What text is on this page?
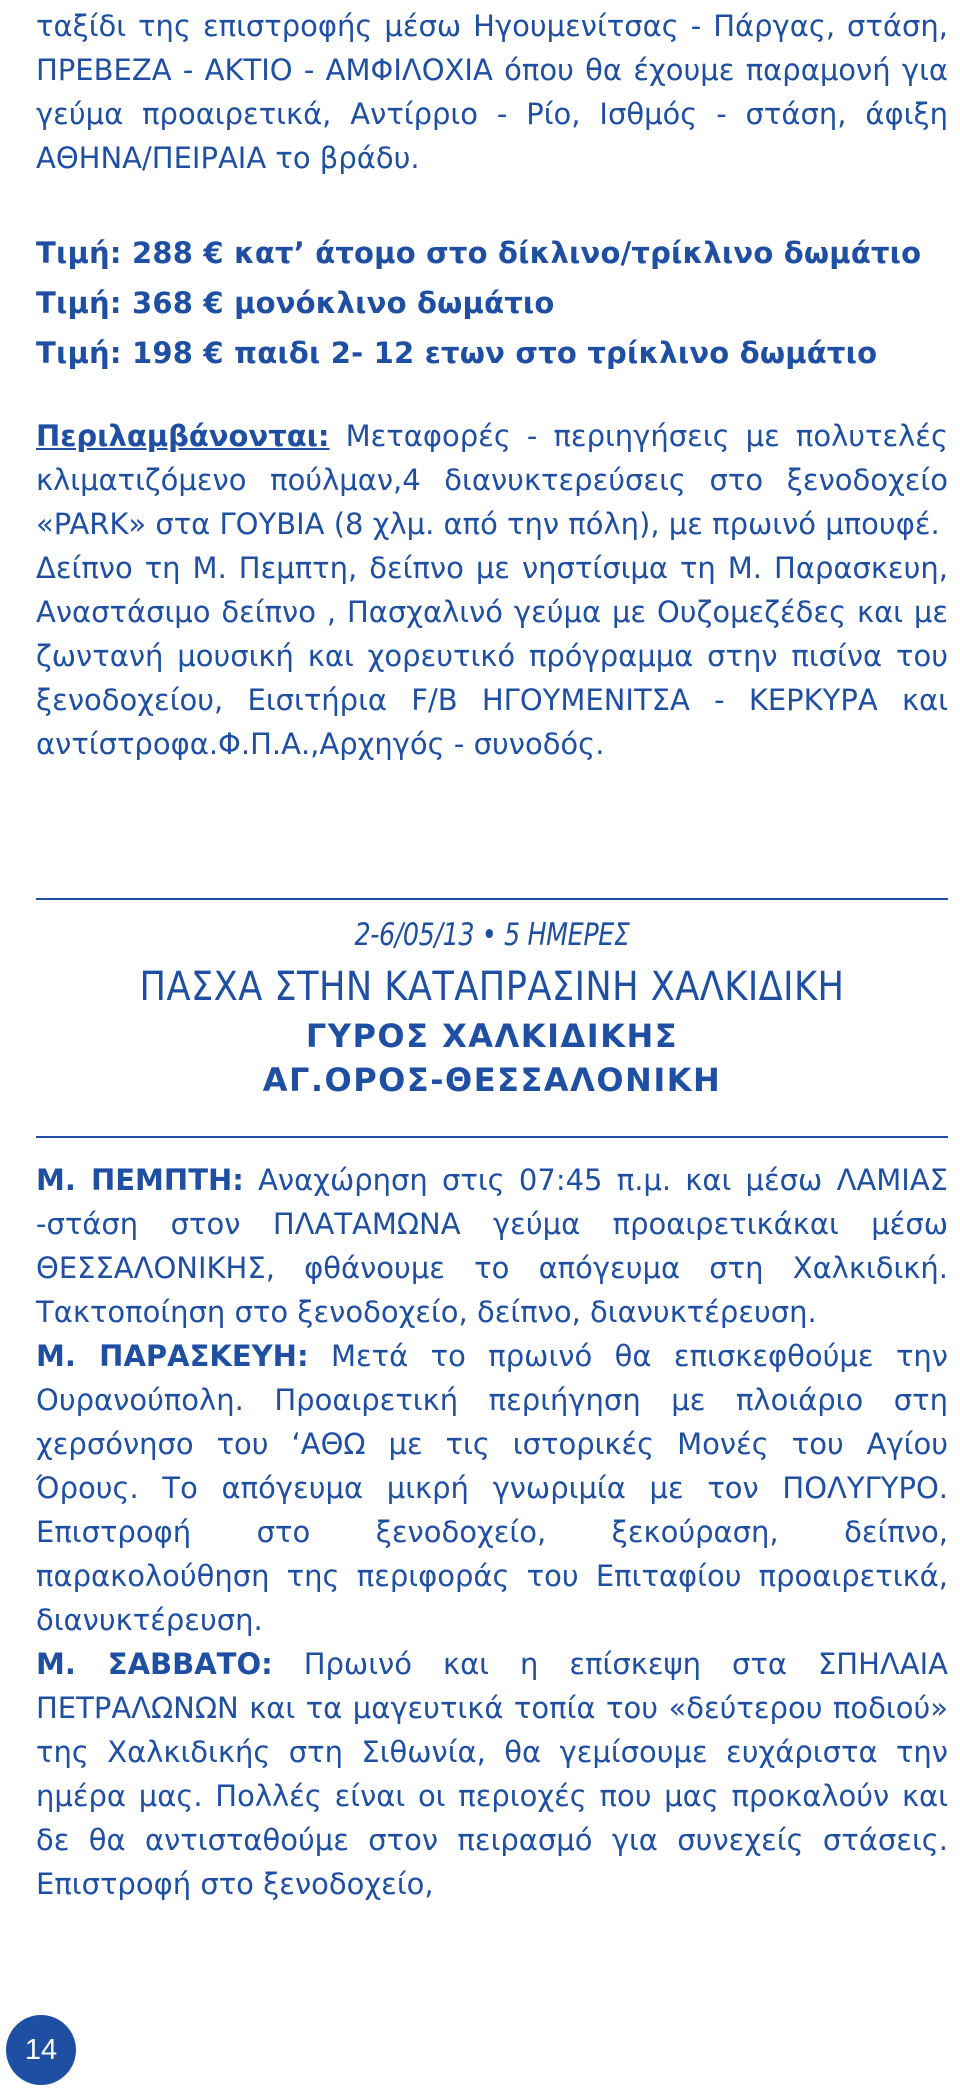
ταξίδι της επιστροφής μέσω Ηγουμενίτσας - Πάργας, στάση, ΠΡΕΒΕΖΑ - ΑΚΤΙΟ - ΑΜΦΙΛΟΧΙΑ όπου θα έχουμε παραμονή για γεύμα προαιρετικά, Αντίρριο - Ρίο, Ισθμός - στάση, άφιξη ΑΘΗΝΑ/ΠΕΙΡΑΙΑ το βράδυ.

Τιμή: 288 € κατ’ άτομο στο δίκλινο/τρίκλινο δωμάτιο

Τιμή: 368 € μονόκλινο δωμάτιο

Τιμή: 198 € παιδι 2- 12 ετων στο τρίκλινο δωμάτιο

Περιλαμβάνονται: Μεταφορές - περιηγήσεις με πολυτελές κλιματιζόμενο πούλμαν,4 διανυκτερεύσεις στο ξενοδοχείο «PARK» στα ΓΟΥΒΙΑ (8 χλμ. από την πόλη), με πρωινό μπουφέ.

Δείπνο τη Μ. Πεμπτη, δείπνο με νηστίσιμα τη Μ. Παρασκευη, Αναστάσιμο δείπνο , Πασχαλινό γεύμα με Ουζομεζέδες και με ζωντανή μουσική και χορευτικό πρόγραμμα στην πισίνα του ξενοδοχείου, Εισιτήρια F/B ΗΓΟΥΜΕΝΙΤΣΑ - ΚΕΡΚΥΡΑ και αντίστροφα.Φ.Π.Α.,Αρχηγός - συνοδός.

2-6/05/13 • 5 ΗΜΕΡΕΣ
ΠΑΣΧΑ ΣΤΗΝ ΚΑΤΑΠΡΑΣΙΝΗ ΧΑΛΚΙΔΙΚΗ
ΓΥΡΟΣ ΧΑΛΚΙΔΙΚΗΣ
ΑΓ.ΟΡΟΣ-ΘΕΣΣΑΛΟΝΙΚΗ

Μ. ΠΕΜΠΤΗ: Αναχώρηση στις 07:45 π.μ. και μέσω ΛΑΜΙΑΣ -στάση στον ΠΛΑΤΑΜΩΝΑ γεύμα προαιρετικάκαι μέσω ΘΕΣΣΑΛΟΝΙΚΗΣ, φθάνουμε το απόγευμα στη Χαλκιδική. Τακτοποίηση στο ξενοδοχείο, δείπνο, διανυκτέρευση.

Μ. ΠΑΡΑΣΚΕΥΗ: Μετά το πρωινό θα επισκεφθούμε την Ουρανούπολη. Προαιρετική περιήγηση με πλοιάριο στη χερσόνησο του ‘ΑΘΩ με τις ιστορικές Μονές του Αγίου Όρους. Το απόγευμα μικρή γνωριμία με τον ΠΟΛΥΓΥΡΟ. Επιστροφή στο ξενοδοχείο, ξεκούραση, δείπνο, παρακολούθηση της περιφοράς του Επιταφίου προαιρετικά, διανυκτέρευση.

Μ. ΣΑΒΒΑΤΟ: Πρωινό και η επίσκεψη στα ΣΠΗΛΑΙΑ ΠΕΤΡΑΛΩΝΩΝ και τα μαγευτικά τοπία του «δεύτερου ποδιού» της Χαλκιδικής στη Σιθωνία, θα γεμίσουμε ευχάριστα την ημέρα μας. Πολλές είναι οι περιοχές που μας προκαλούν και δε θα αντισταθούμε στον πειρασμό για συνεχείς στάσεις. Επιστροφή στο ξενοδοχείο,

14
